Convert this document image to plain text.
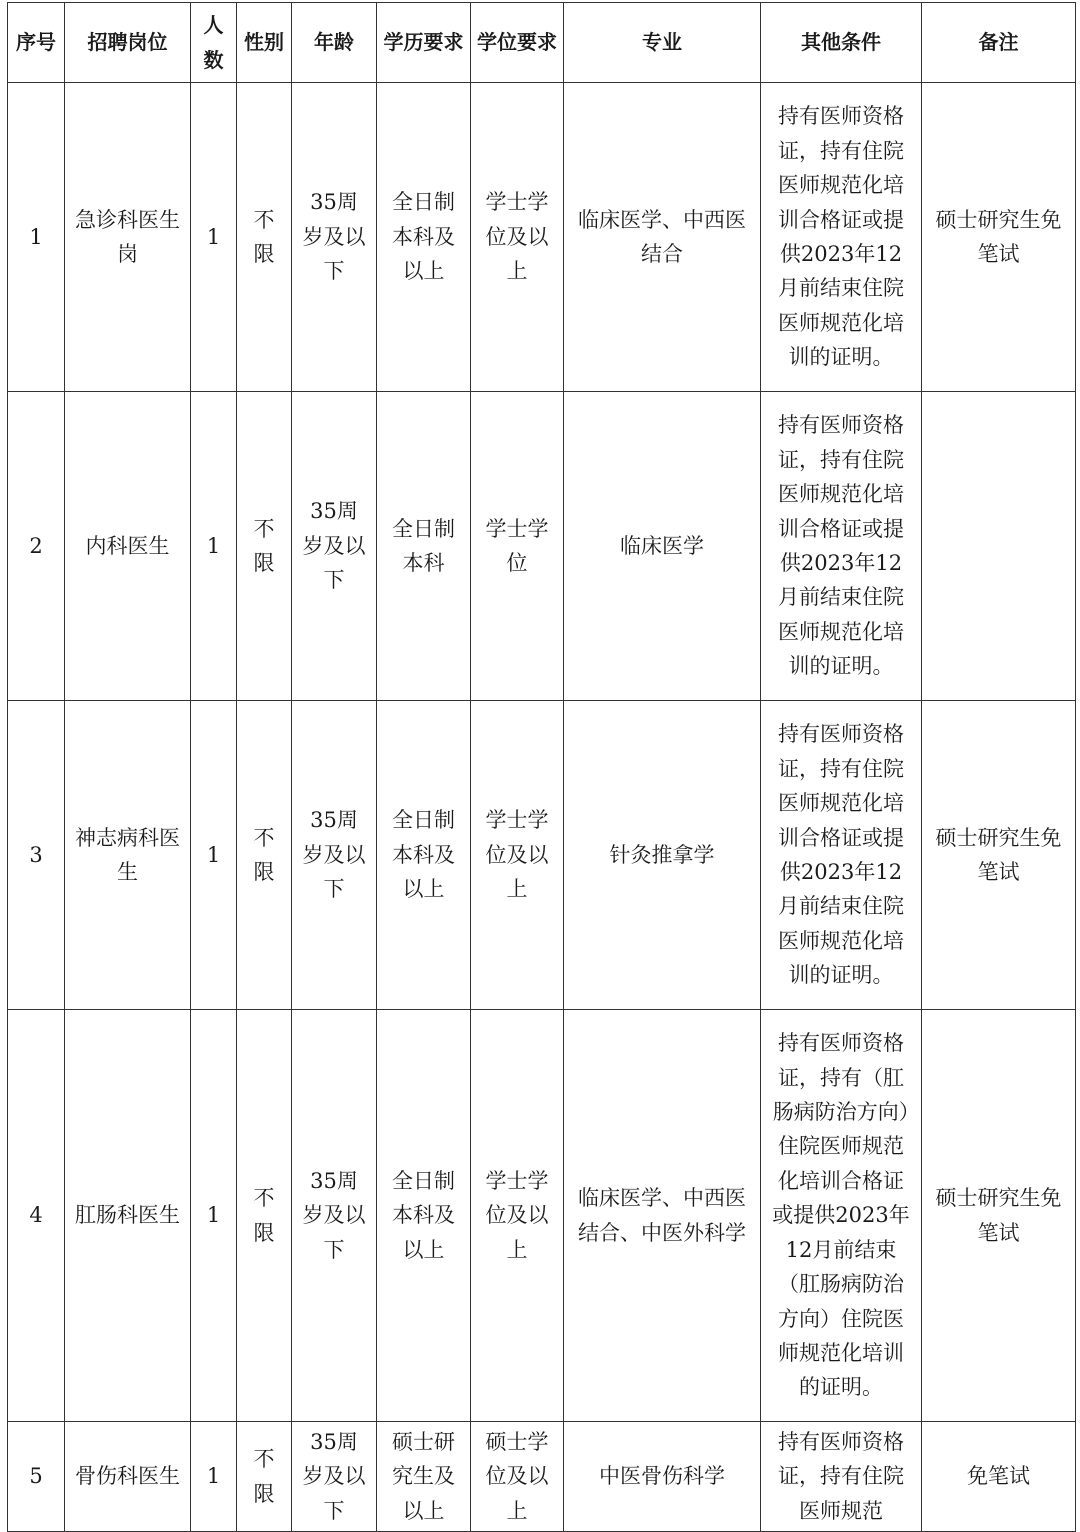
序号	招聘岗位	人数	性别	年龄	学历要求	学位要求	专业	其他条件	备注
1	急诊科医生岗	1	不限	35周岁及以下	全日制本科及以上	学士学位及以上	临床医学、中西医结合	持有医师资格证，持有住院医师规范化培训合格证或提供2023年12月前结束住院医师规范化培训的证明。	硕士研究生免笔试
2	内科医生	1	不限	35周岁及以下	全日制本科	学士学位	临床医学	持有医师资格证，持有住院医师规范化培训合格证或提供2023年12月前结束住院医师规范化培训的证明。	
3	神志病科医生	1	不限	35周岁及以下	全日制本科及以上	学士学位及以上	针灸推拿学	持有医师资格证，持有住院医师规范化培训合格证或提供2023年12月前结束住院医师规范化培训的证明。	硕士研究生免笔试
4	肛肠科医生	1	不限	35周岁及以下	全日制本科及以上	学士学位及以上	临床医学、中西医结合、中医外科学	持有医师资格证，持有（肛肠病防治方向）住院医师规范化培训合格证或提供2023年12月前结束（肛肠病防治方向）住院医师规范化培训的证明。	硕士研究生免笔试
5	骨伤科医生	1	不限	35周岁及以下	硕士研究生及以上	硕士学位及以上	中医骨伤科学	持有医师资格证，持有住院医师规范	免笔试
